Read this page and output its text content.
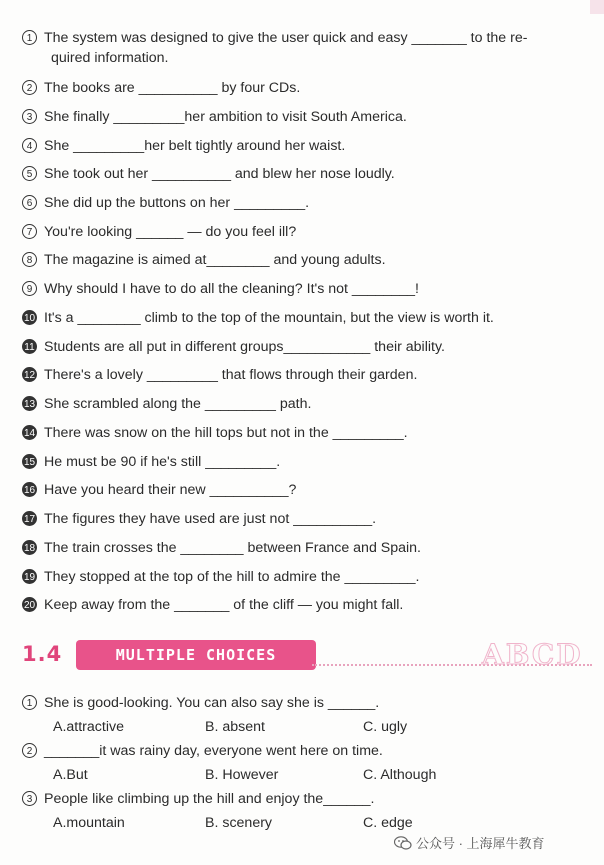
1 The system was designed to give the user quick and easy _______ to the re-
quired information.
2 The books are __________ by four CDs.
3 She finally _________her ambition to visit South America.
4 She _________her belt tightly around her waist.
5 She took out her __________ and blew her nose loudly.
6 She did up the buttons on her _________.
7 You're looking ______ — do you feel ill?
8 The magazine is aimed at________ and young adults.
9 Why should I have to do all the cleaning? It's not ________!
10 It's a ________ climb to the top of the mountain, but the view is worth it.
11 Students are all put in different groups___________ their ability.
12 There's a lovely _________ that flows through their garden.
13 She scrambled along the _________ path.
14 There was snow on the hill tops but not in the _________.
15 He must be 90 if he's still _________.
16 Have you heard their new __________?
17 The figures they have used are just not __________.
18 The train crosses the ________ between France and Spain.
19 They stopped at the top of the hill to admire the _________.
20 Keep away from the _______ of the cliff — you might fall.
1.4	MULTIPLE CHOICES	ABCD
1 She is good-looking. You can also say she is ______.
A.attractive	B. absent	C. ugly
2 _______it was rainy day, everyone went here on time.
A.But	B. However	C. Although
3 People like climbing up the hill and enjoy the______.
A.mountain	B. scenery	C. edge
公众号 · 上海犀牛教育
